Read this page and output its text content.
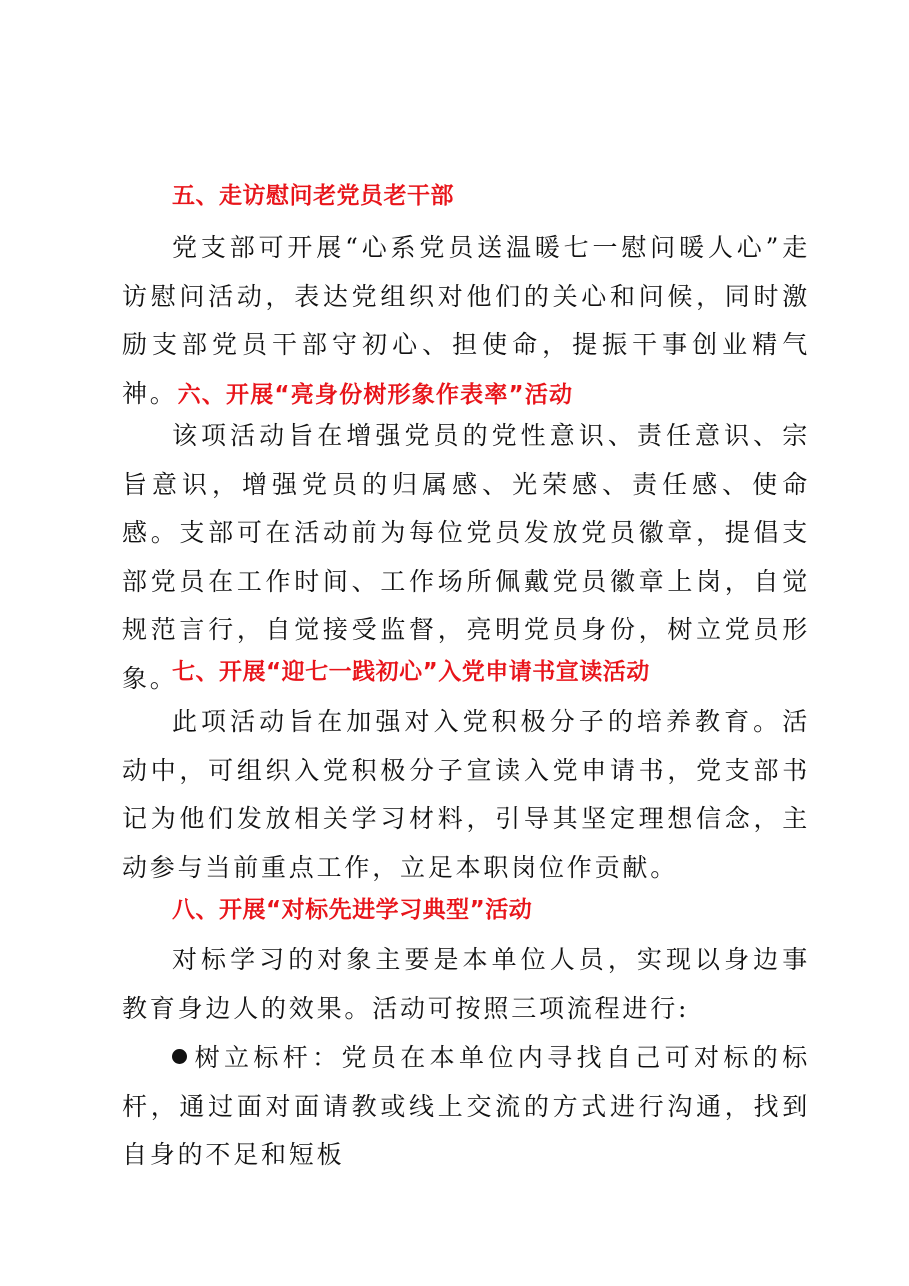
五、走访慰问老党员老干部

党支部可开展“心系党员送温暖七一慰问暖人心”走访慰问活动，表达党组织对他们的关心和问候，同时激励支部党员干部守初心、担使命，提振干事创业精气神。六、开展“亮身份树形象作表率”活动

该项活动旨在增强党员的党性意识、责任意识、宗旨意识，增强党员的归属感、光荣感、责任感、使命感。支部可在活动前为每位党员发放党员徽章，提倡支部党员在工作时间、工作场所佩戴党员徽章上岗，自觉规范言行，自觉接受监督，亮明党员身份，树立党员形象。

七、开展“迎七一践初心”入党申请书宣读活动

此项活动旨在加强对入党积极分子的培养教育。活动中，可组织入党积极分子宣读入党申请书，党支部书记为他们发放相关学习材料，引导其坚定理想信念，主动参与当前重点工作，立足本职岗位作贡献。

八、开展“对标先进学习典型”活动

对标学习的对象主要是本单位人员，实现以身边事教育身边人的效果。活动可按照三项流程进行:

树立标杆：党员在本单位内寻找自己可对标的标杆，通过面对面请教或线上交流的方式进行沟通，找到自身的不足和短板
